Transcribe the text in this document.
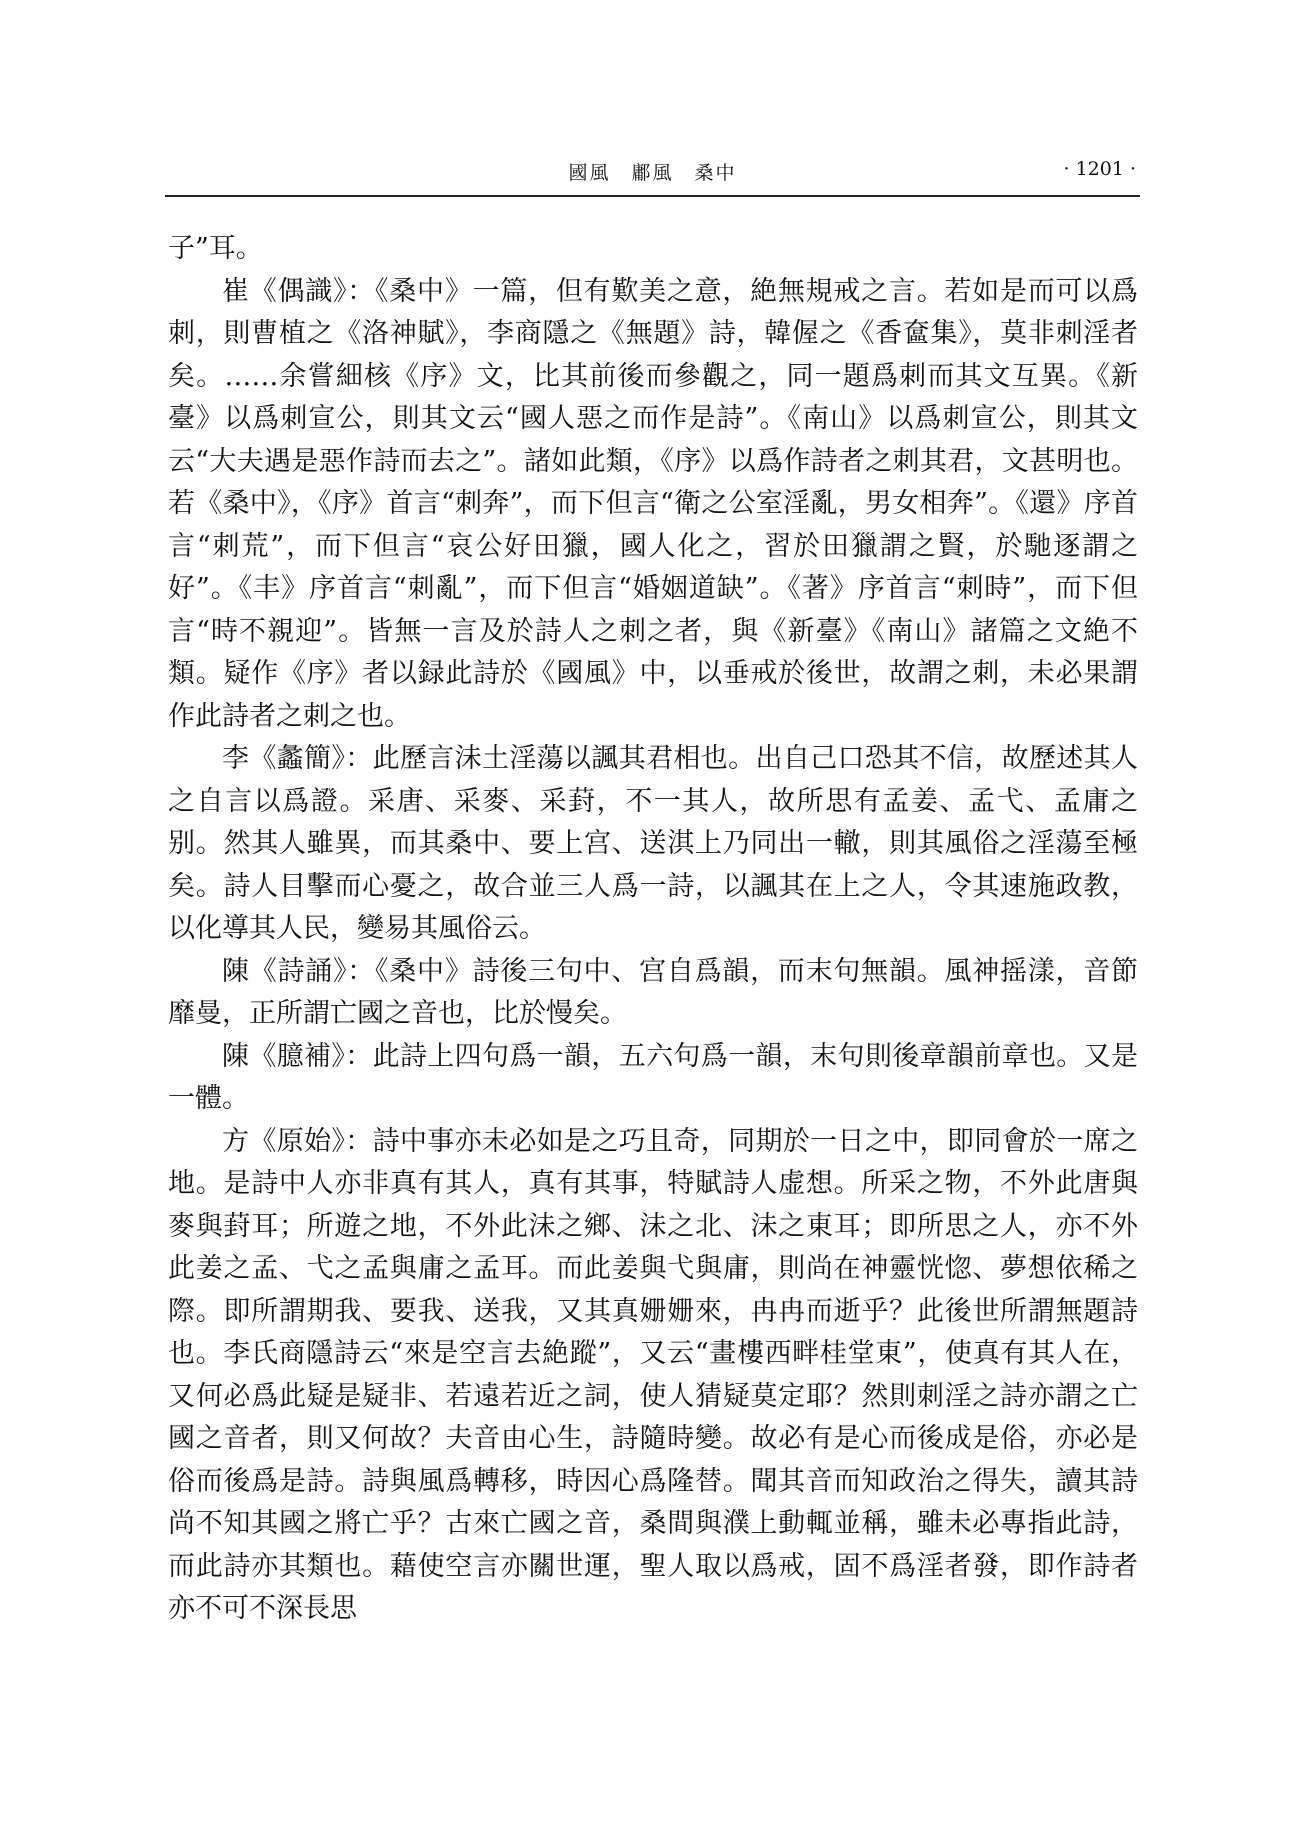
國風　鄘風　桑中	· 1201 ·

子”耳。

崔《偶識》：《桑中》一篇，但有歎美之意，絶無規戒之言。若如是而可以爲刺，則曹植之《洛神賦》，李商隱之《無題》詩，韓偓之《香奩集》，莫非刺淫者矣。……余嘗細核《序》文，比其前後而參觀之，同一題爲刺而其文互異。《新臺》以爲刺宣公，則其文云“國人惡之而作是詩”。《南山》以爲刺宣公，則其文云“大夫遇是惡作詩而去之”。諸如此類，《序》以爲作詩者之刺其君，文甚明也。若《桑中》，《序》首言“刺奔”，而下但言“衛之公室淫亂，男女相奔”。《還》序首言“刺荒”，而下但言“哀公好田獵，國人化之，習於田獵謂之賢，於馳逐謂之好”。《丰》序首言“刺亂”，而下但言“婚姻道缺”。《著》序首言“刺時”，而下但言“時不親迎”。皆無一言及於詩人之刺之者，與《新臺》《南山》諸篇之文絶不類。疑作《序》者以録此詩於《國風》中，以垂戒於後世，故謂之刺，未必果謂作此詩者之刺之也。

李《蠡簡》：此歷言沬土淫蕩以諷其君相也。出自己口恐其不信，故歷述其人之自言以爲證。采唐、采麥、采葑，不一其人，故所思有孟姜、孟弋、孟庸之别。然其人雖異，而其桑中、要上宫、送淇上乃同出一轍，則其風俗之淫蕩至極矣。詩人目擊而心憂之，故合並三人爲一詩，以諷其在上之人，令其速施政教，以化導其人民，變易其風俗云。

陳《詩誦》：《桑中》詩後三句中、宫自爲韻，而末句無韻。風神摇漾，音節靡曼，正所謂亡國之音也，比於慢矣。

陳《臆補》：此詩上四句爲一韻，五六句爲一韻，末句則後章韻前章也。又是一體。

方《原始》：詩中事亦未必如是之巧且奇，同期於一日之中，即同會於一席之地。是詩中人亦非真有其人，真有其事，特賦詩人虚想。所采之物，不外此唐與麥與葑耳；所遊之地，不外此沬之鄉、沬之北、沬之東耳；即所思之人，亦不外此姜之孟、弋之孟與庸之孟耳。而此姜與弋與庸，則尚在神靈恍惚、夢想依稀之際。即所謂期我、要我、送我，又其真姗姗來，冉冉而逝乎？此後世所謂無題詩也。李氏商隱詩云“來是空言去絶蹤”，又云“畫樓西畔桂堂東”，使真有其人在，又何必爲此疑是疑非、若遠若近之詞，使人猜疑莫定耶？然則刺淫之詩亦謂之亡國之音者，則又何故？夫音由心生，詩隨時變。故必有是心而後成是俗，亦必是俗而後爲是詩。詩與風爲轉移，時因心爲隆替。聞其音而知政治之得失，讀其詩尚不知其國之將亡乎？古來亡國之音，桑間與濮上動輒並稱，雖未必專指此詩，而此詩亦其類也。藉使空言亦關世運，聖人取以爲戒，固不爲淫者發，即作詩者亦不可不深長思
